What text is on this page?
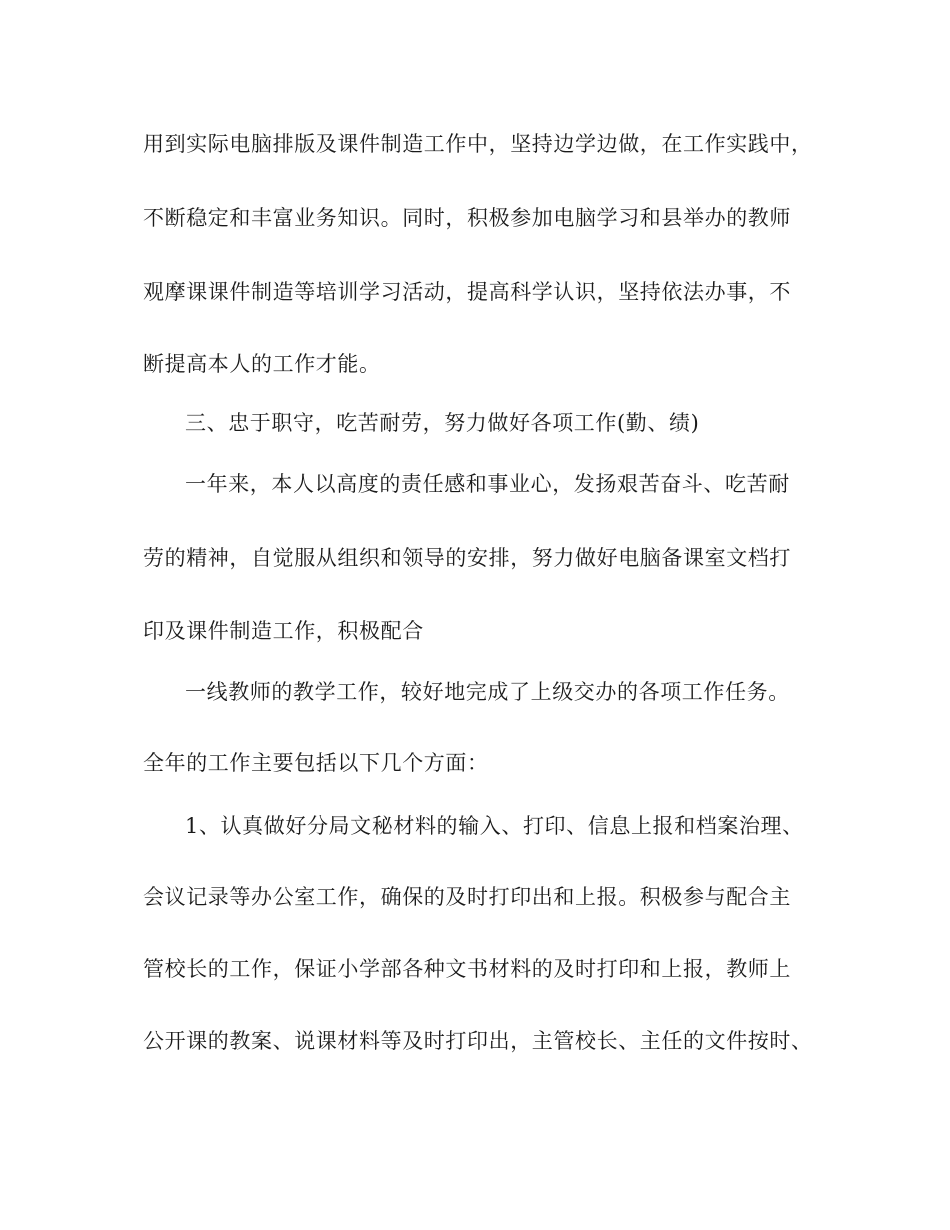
用到实际电脑排版及课件制造工作中，坚持边学边做，在工作实践中，
不断稳定和丰富业务知识。同时，积极参加电脑学习和县举办的教师
观摩课课件制造等培训学习活动，提高科学认识，坚持依法办事，不
断提高本人的工作才能。
三、忠于职守，吃苦耐劳，努力做好各项工作(勤、绩)
一年来，本人以高度的责任感和事业心，发扬艰苦奋斗、吃苦耐
劳的精神，自觉服从组织和领导的安排，努力做好电脑备课室文档打
印及课件制造工作，积极配合
一线教师的教学工作，较好地完成了上级交办的各项工作任务。
全年的工作主要包括以下几个方面：
1、认真做好分局文秘材料的输入、打印、信息上报和档案治理、
会议记录等办公室工作，确保的及时打印出和上报。积极参与配合主
管校长的工作，保证小学部各种文书材料的及时打印和上报，教师上
公开课的教案、说课材料等及时打印出，主管校长、主任的文件按时、
